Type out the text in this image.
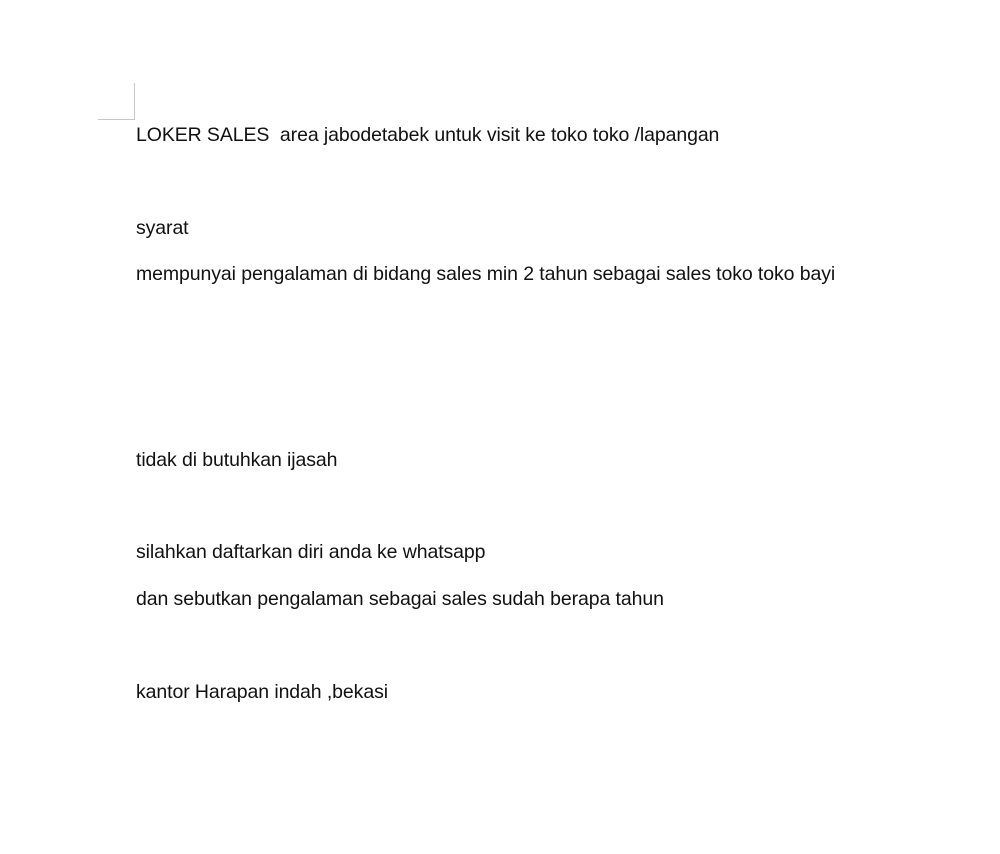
LOKER SALES  area jabodetabek untuk visit ke toko toko /lapangan
syarat
mempunyai pengalaman di bidang sales min 2 tahun sebagai sales toko toko bayi
tidak di butuhkan ijasah
silahkan daftarkan diri anda ke whatsapp
dan sebutkan pengalaman sebagai sales sudah berapa tahun
kantor Harapan indah ,bekasi
